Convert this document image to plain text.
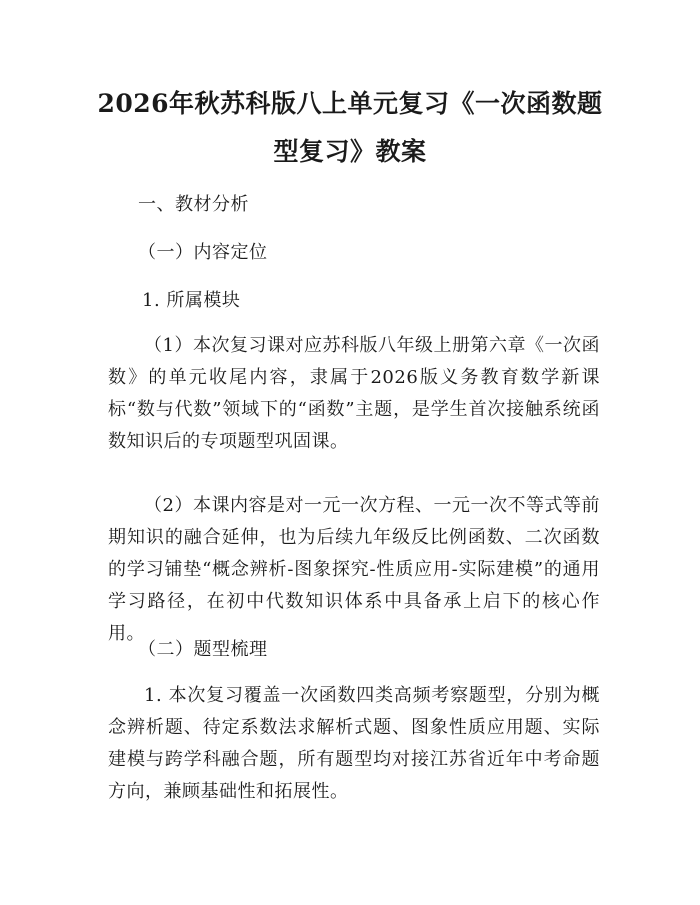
2026年秋苏科版八上单元复习《一次函数题
型复习》教案

一、教材分析

（一）内容定位

1. 所属模块

（1）本次复习课对应苏科版八年级上册第六章《一次函数》的单元收尾内容，隶属于2026版义务教育数学新课标“数与代数”领域下的“函数”主题，是学生首次接触系统函数知识后的专项题型巩固课。

（2）本课内容是对一元一次方程、一元一次不等式等前期知识的融合延伸，也为后续九年级反比例函数、二次函数的学习铺垫“概念辨析-图象探究-性质应用-实际建模”的通用学习路径，在初中代数知识体系中具备承上启下的核心作用。

（二）题型梳理

1. 本次复习覆盖一次函数四类高频考察题型，分别为概念辨析题、待定系数法求解析式题、图象性质应用题、实际建模与跨学科融合题，所有题型均对接江苏省近年中考命题方向，兼顾基础性和拓展性。
